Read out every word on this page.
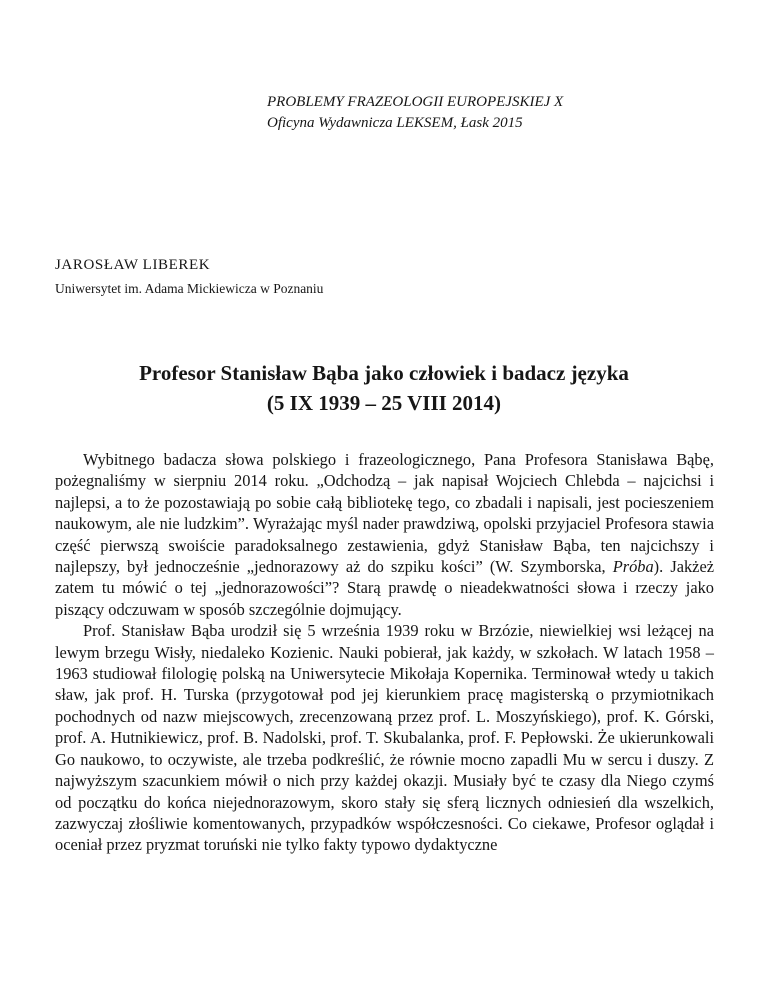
PROBLEMY FRAZEOLOGII EUROPEJSKIEJ X
Oficyna Wydawnicza LEKSEM, Łask 2015
JAROSŁAW LIBEREK
Uniwersytet im. Adama Mickiewicza w Poznaniu
Profesor Stanisław Bąba jako człowiek i badacz języka
(5 IX 1939 – 25 VIII 2014)

Wybitnego badacza słowa polskiego i frazeologicznego, Pana Profesora Stanisława Bąbę, pożegnaliśmy w sierpniu 2014 roku. „Odchodzą – jak napisał Wojciech Chlebda – najcichsi i najlepsi, a to że pozostawiają po sobie całą bibliotekę tego, co zbadali i napisali, jest pocieszeniem naukowym, ale nie ludzkim”. Wyrażając myśl nader prawdziwą, opolski przyjaciel Profesora stawia część pierwszą swoiście paradoksalnego zestawienia, gdyż Stanisław Bąba, ten najcichszy i najlepszy, był jednocześnie „jednorazowy aż do szpiku kości” (W. Szymborska, Próba). Jakżeż zatem tu mówić o tej „jednorazowości”? Starą prawdę o nieadekwatności słowa i rzeczy jako piszący odczuwam w sposób szczególnie dojmujący.

Prof. Stanisław Bąba urodził się 5 września 1939 roku w Brzózie, niewielkiej wsi leżącej na lewym brzegu Wisły, niedaleko Kozienic. Nauki pobierał, jak każdy, w szkołach. W latach 1958 – 1963 studiował filologię polską na Uniwersytecie Mikołaja Kopernika. Terminował wtedy u takich sław, jak prof. H. Turska (przygotował pod jej kierunkiem pracę magisterską o przymiotnikach pochodnych od nazw miejscowych, zrecenzowaną przez prof. L. Moszyńskiego), prof. K. Górski, prof. A. Hutnikiewicz, prof. B. Nadolski, prof. T. Skubalanka, prof. F. Pepłowski. Że ukierunkowali Go naukowo, to oczywiste, ale trzeba podkreślić, że równie mocno zapadli Mu w sercu i duszy. Z najwyższym szacunkiem mówił o nich przy każdej okazji. Musiały być te czasy dla Niego czymś od początku do końca niejednorazowym, skoro stały się sferą licznych odniesień dla wszelkich, zazwyczaj złośliwie komentowanych, przypadków współczesności. Co ciekawe, Profesor oglądał i oceniał przez pryzmat toruński nie tylko fakty typowo dydaktyczne
